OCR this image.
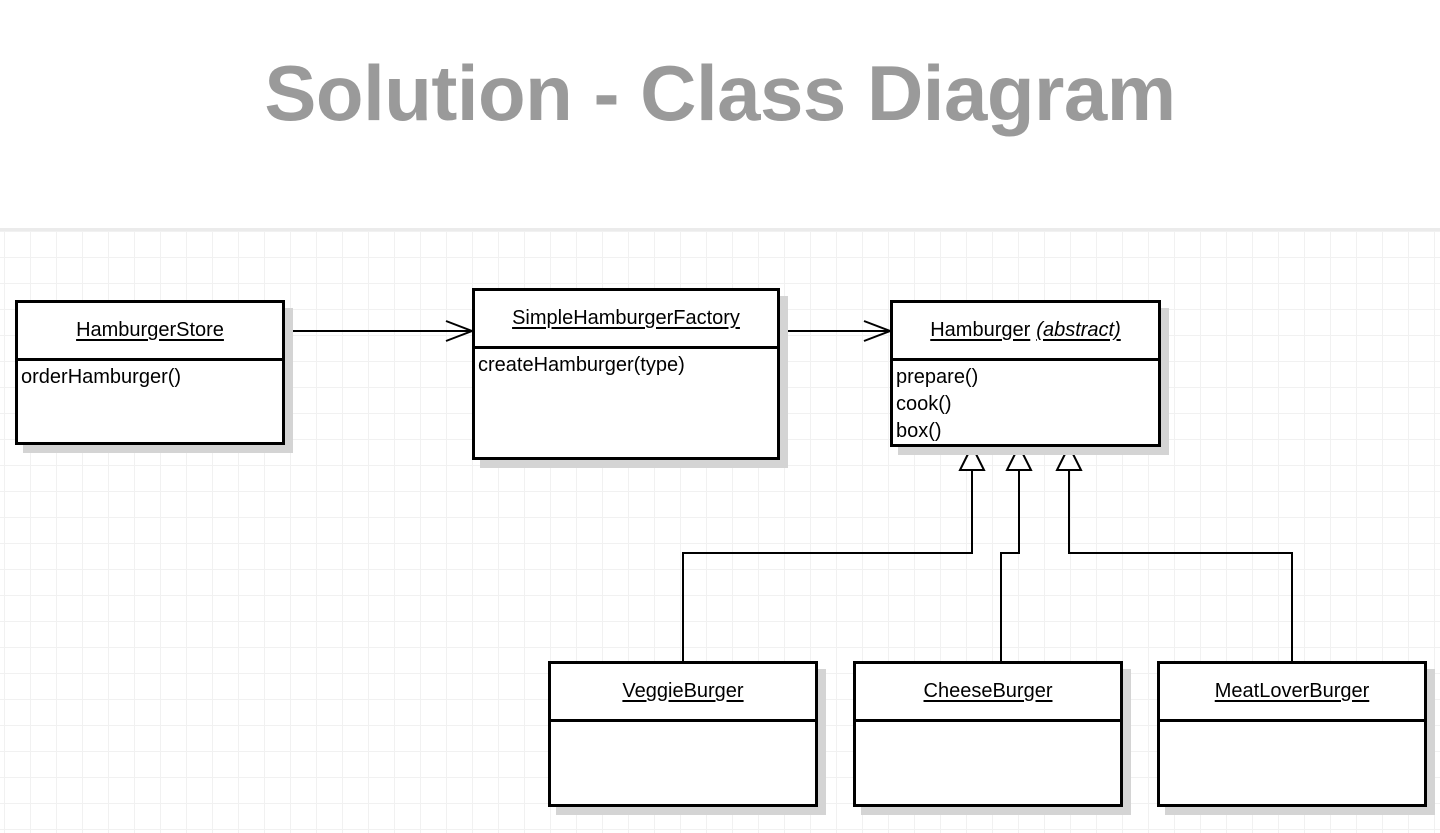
Solution - Class Diagram
HamburgerStore
orderHamburger()
SimpleHamburgerFactory
createHamburger(type)
Hamburger (abstract)
prepare()
cook()
box()
VeggieBurger	CheeseBurger	MeatLoverBurger
